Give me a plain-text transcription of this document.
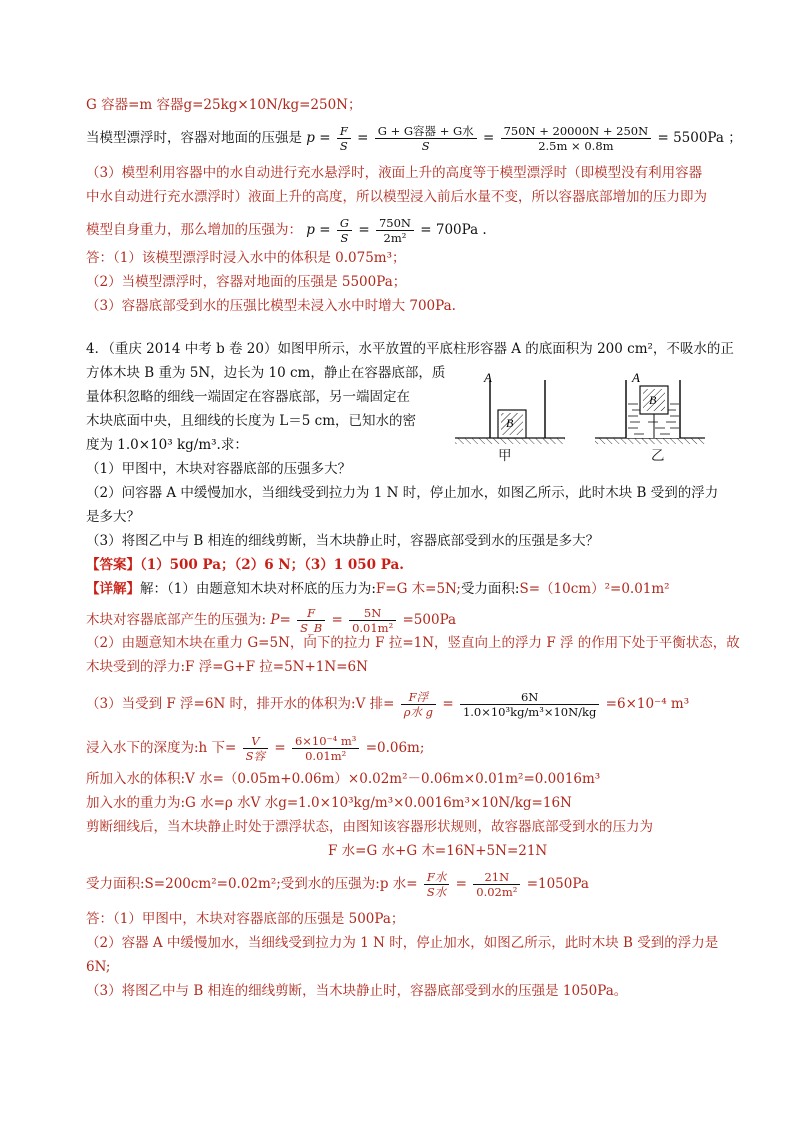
G 容器=m 容器g=25kg×10N/kg=250N；
当模型漂浮时，容器对地面的压强是 $p = \frac{F}{S} = \frac{\text{G + G容器 + G水}}{S} = \frac{750N + 20000N + 250N}{2.5m \times 0.8m} = 5500Pa$ ；
（3）模型利用容器中的水自动进行充水悬浮时，液面上升的高度等于模型漂浮时（即模型没有利用容器
中水自动进行充水漂浮时）液面上升的高度，所以模型浸入前后水量不变，所以容器底部增加的压力即为
模型自身重力，那么增加的压强为： $p = \frac{G}{S} = \frac{750N}{\text{2m²}} = 700Pa$ .
答：（1）该模型漂浮时浸入水中的体积是 0.075m³；
（2）当模型漂浮时，容器对地面的压强是 5500Pa；
（3）容器底部受到水的压强比模型未浸入水中时增大 700Pa.
4．（重庆 2014 中考 b 卷 20）如图甲所示，水平放置的平底柱形容器 A 的底面积为 200 cm²，不吸水的正
方体木块 B 重为 5N，边长为 10 cm，静止在容器底部，质
量体积忽略的细线一端固定在容器底部，另一端固定在
木块底面中央，且细线的长度为 L＝5 cm，已知水的密
度为 1.0×10³ kg/m³.求：
（1）甲图中，木块对容器底部的压强多大？
（2）问容器 A 中缓慢加水，当细线受到拉力为 1 N 时，停止加水，如图乙所示，此时木块 B 受到的浮力
是多大？
（3）将图乙中与 B 相连的细线剪断，当木块静止时，容器底部受到水的压强是多大？
A
B
A
B
甲	乙
【答案】（1）500 Pa；（2）6 N；（3）1 050 Pa.
【详解】解：（1）由题意知木块对杯底的压力为:F=G 木=5N;受力面积:S=（10cm）²=0.01m²
木块对容器底部产生的压强为: $P= \frac{F}{S\_B} = \frac{5N}{\text{0.01m²}} =500Pa$
（2）由题意知木块在重力 G=5N，向下的拉力 F 拉=1N，竖直向上的浮力 F 浮 的作用下处于平衡状态，故
木块受到的浮力:F 浮=G+F 拉=5N+1N=6N
（3）当受到 F 浮=6N 时，排开水的体积为:V 排= $\frac{\text{F浮}}{\text{ρ水 g}} = \frac{6N}{\text{1.0×10³kg/m³×10N/kg}} =6\times 10^{-4}$ m³
浸入水下的深度为:h 下= $\frac{V}{\text{S容}} = \frac{\text{6×10⁻⁴ m³}}{\text{0.01m²}} =0.06m$;
所加入水的体积:V 水=（0.05m+0.06m）×0.02m²－0.06m×0.01m²=0.0016m³
加入水的重力为:G 水=ρ 水V 水g=1.0×10³kg/m³×0.0016m³×10N/kg=16N
剪断细线后，当木块静止时处于漂浮状态，由图知该容器形状规则，故容器底部受到水的压力为
F 水=G 水+G 木=16N+5N=21N
受力面积:S=200cm²=0.02m²;受到水的压强为:p 水= $\frac{\text{F水}}{\text{S水}} = \frac{21N}{\text{0.02m²}} =1050Pa$
答：（1）甲图中，木块对容器底部的压强是 500Pa；
（2）容器 A 中缓慢加水，当细线受到拉力为 1 N 时，停止加水，如图乙所示，此时木块 B 受到的浮力是
6N;
（3）将图乙中与 B 相连的细线剪断，当木块静止时，容器底部受到水的压强是 1050Pa。
